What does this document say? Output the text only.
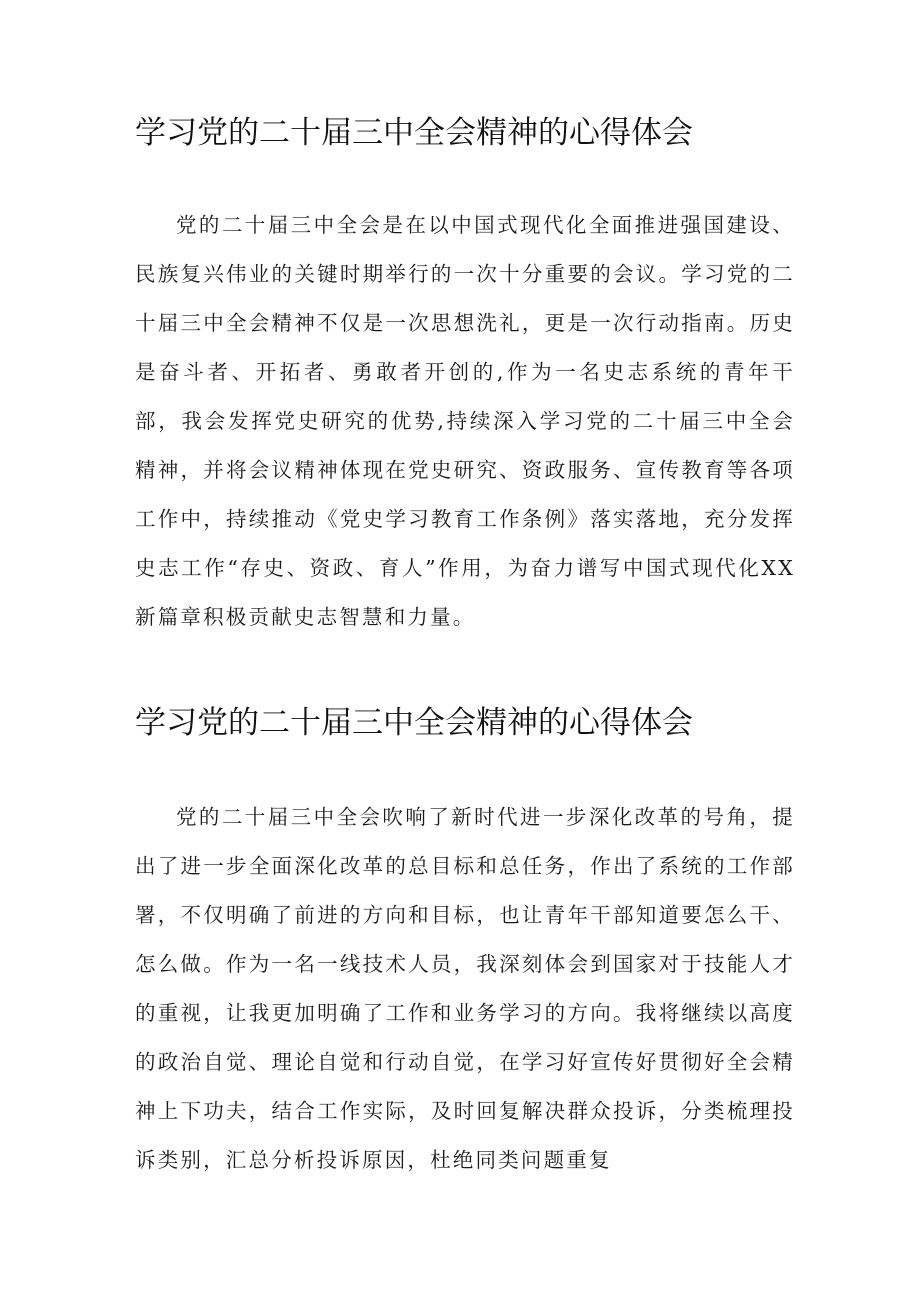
学习党的二十届三中全会精神的心得体会

党的二十届三中全会是在以中国式现代化全面推进强国建设、民族复兴伟业的关键时期举行的一次十分重要的会议。学习党的二十届三中全会精神不仅是一次思想洗礼，更是一次行动指南。历史是奋斗者、开拓者、勇敢者开创的,作为一名史志系统的青年干部，我会发挥党史研究的优势,持续深入学习党的二十届三中全会精神，并将会议精神体现在党史研究、资政服务、宣传教育等各项工作中，持续推动《党史学习教育工作条例》落实落地，充分发挥史志工作“存史、资政、育人”作用，为奋力谱写中国式现代化XX新篇章积极贡献史志智慧和力量。

学习党的二十届三中全会精神的心得体会

党的二十届三中全会吹响了新时代进一步深化改革的号角，提出了进一步全面深化改革的总目标和总任务，作出了系统的工作部署，不仅明确了前进的方向和目标，也让青年干部知道要怎么干、怎么做。作为一名一线技术人员，我深刻体会到国家对于技能人才的重视，让我更加明确了工作和业务学习的方向。我将继续以高度的政治自觉、理论自觉和行动自觉，在学习好宣传好贯彻好全会精神上下功夫，结合工作实际，及时回复解决群众投诉，分类梳理投诉类别，汇总分析投诉原因，杜绝同类问题重复
